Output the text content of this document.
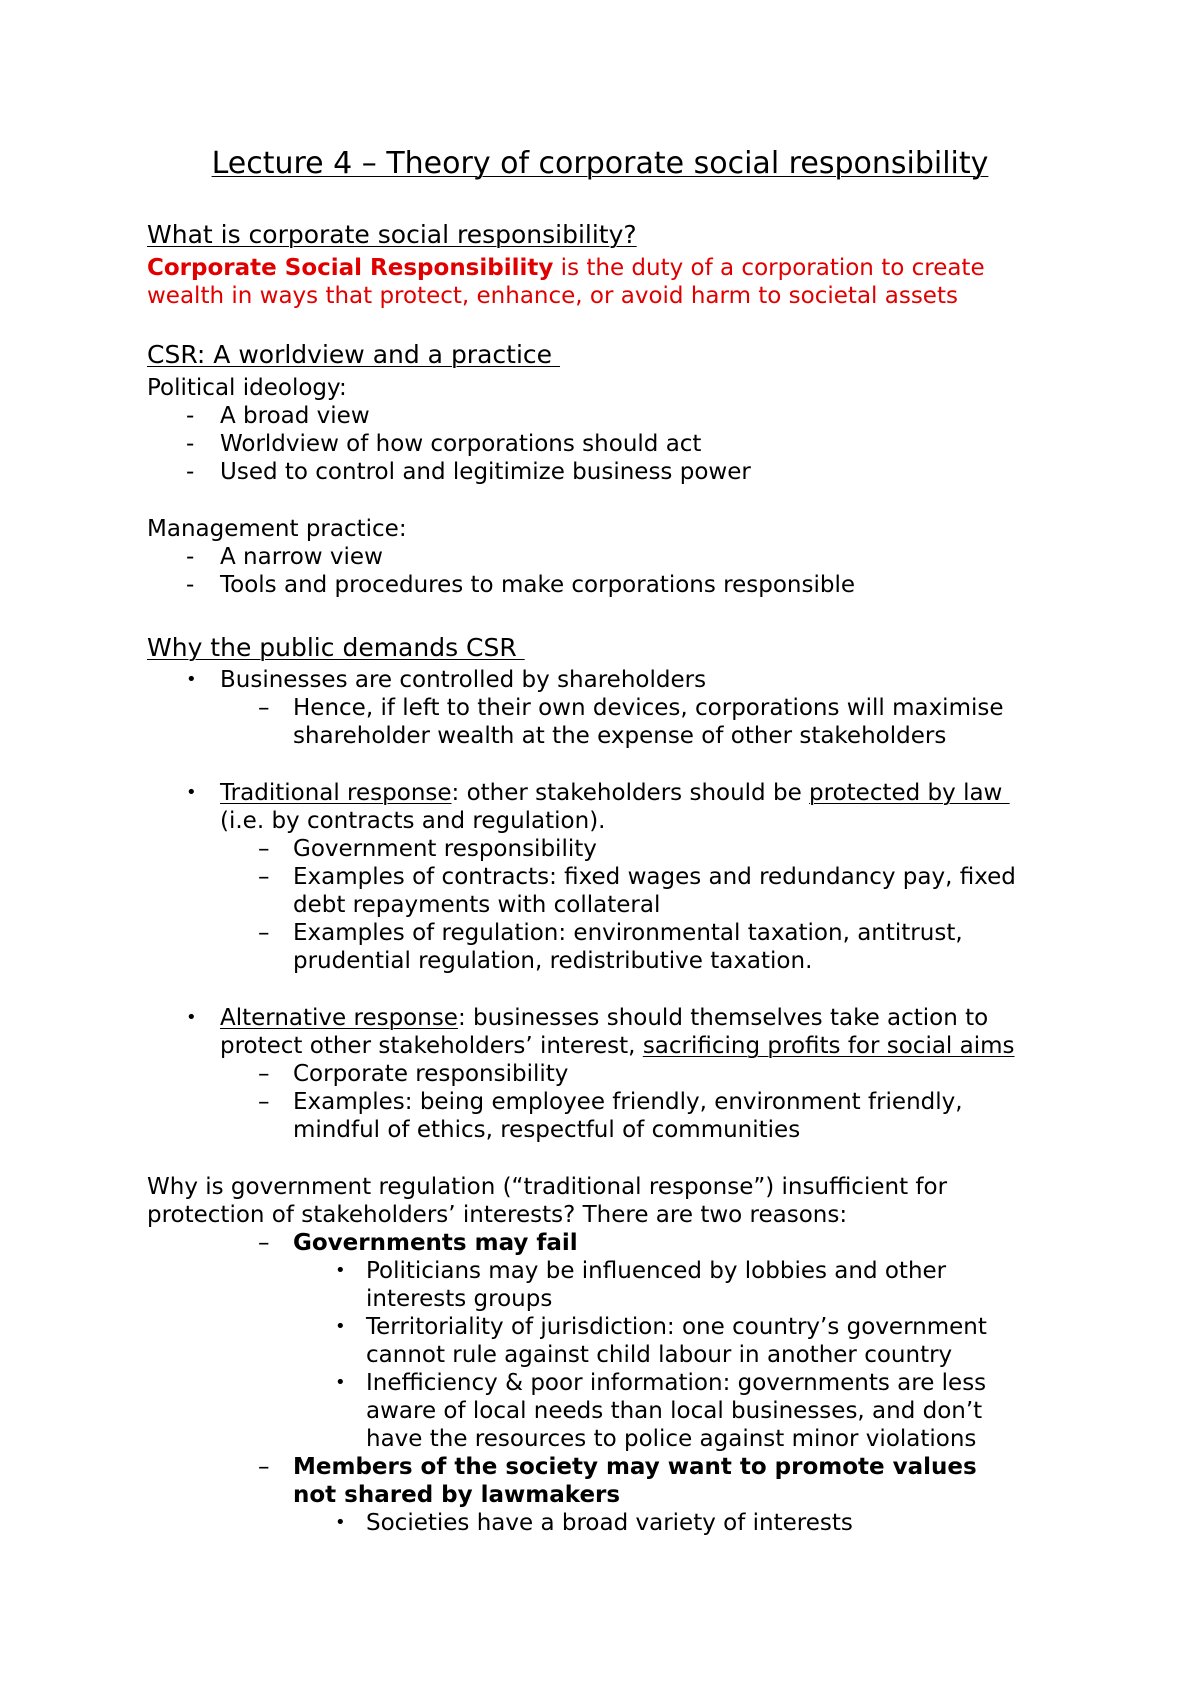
Lecture 4 – Theory of corporate social responsibility
What is corporate social responsibility?
Corporate Social Responsibility is the duty of a corporation to create
wealth in ways that protect, enhance, or avoid harm to societal assets
CSR: A worldview and a practice
Political ideology:
- A broad view
- Worldview of how corporations should act
- Used to control and legitimize business power
Management practice:
- A narrow view
- Tools and procedures to make corporations responsible
Why the public demands CSR
• Businesses are controlled by shareholders
– Hence, if left to their own devices, corporations will maximise
shareholder wealth at the expense of other stakeholders
• Traditional response: other stakeholders should be protected by law
(i.e. by contracts and regulation).
– Government responsibility
– Examples of contracts: fixed wages and redundancy pay, fixed
debt repayments with collateral
– Examples of regulation: environmental taxation, antitrust,
prudential regulation, redistributive taxation.
• Alternative response: businesses should themselves take action to
protect other stakeholders’ interest, sacrificing profits for social aims
– Corporate responsibility
– Examples: being employee friendly, environment friendly,
mindful of ethics, respectful of communities
Why is government regulation (“traditional response”) insufficient for
protection of stakeholders’ interests? There are two reasons:
– Governments may fail
• Politicians may be influenced by lobbies and other
interests groups
• Territoriality of jurisdiction: one country’s government
cannot rule against child labour in another country
• Inefficiency & poor information: governments are less
aware of local needs than local businesses, and don’t
have the resources to police against minor violations
– Members of the society may want to promote values
not shared by lawmakers
• Societies have a broad variety of interests
